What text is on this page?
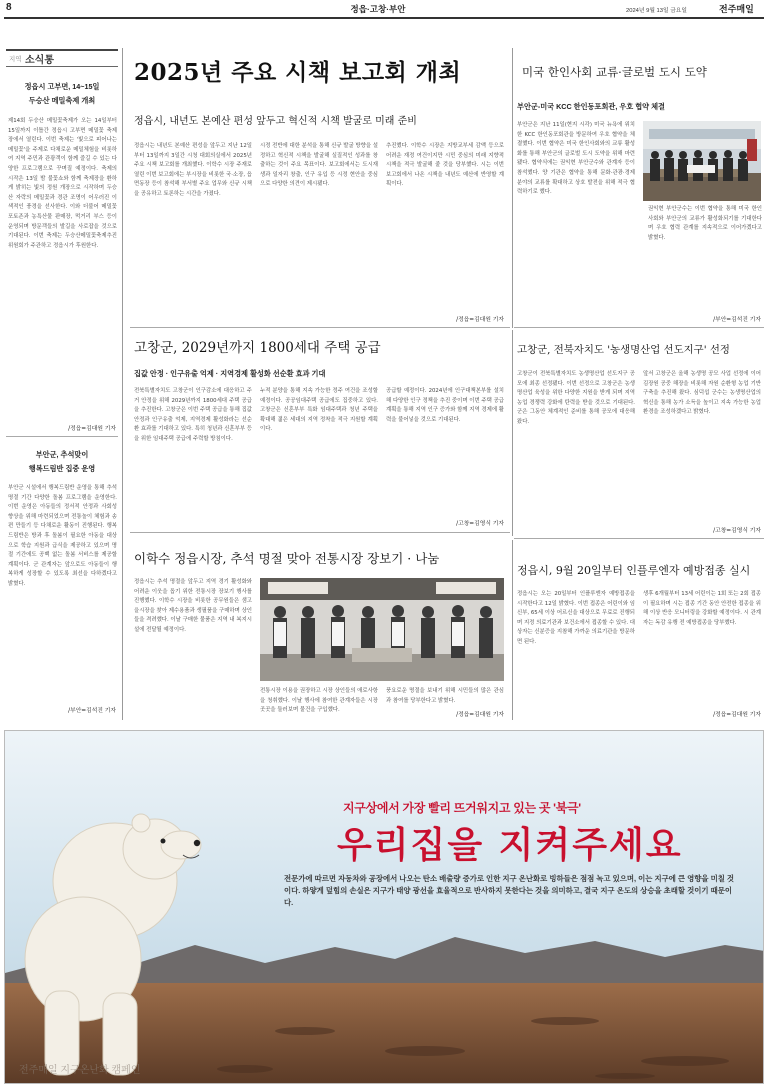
8	정읍·고창·부안	2024년 9월 13일 금요일	전주매일
지역 소식통
정읍시 고부면, 14~15일
두승산 메밀축제 개최
제14회 두승산 메밀꽃축제가 오는 14일부터 15일까지 이틀간 정읍시 고부면 메밀꽃 축제장에서 열린다. 이번 축제는 '빛으로 피어나는 메밀꽃'을 주제로 다채로운 메밀체험을 비롯하여 지역 주민과 관광객이 함께 즐길 수 있는 다양한 프로그램으로 꾸며질 예정이다. 축제의 시작은 13일 밤 불꽃쇼와 함께 축제장을 환하게 밝히는 빛의 정원 개장으로 시작하며 두승산 자락의 메밀꽃과 경관 조명이 어우러진 이색적인 풍경을 선사한다. 이와 더불어 메밀꽃 포토존과 농특산물 판매장, 먹거리 부스 등이 운영되며 방문객들의 발길을 사로잡을 것으로 기대된다. 이번 축제는 두승산메밀꽃축제추진위원회가 주관하고 정읍시가 후원한다.
/정읍=김대원 기자
부안군, 추석맞이
행복드림반 집중 운영
부안군 시설에서 행복드림반 운영을 통해 추석 명절 기간 다양한 돌봄 프로그램을 운영한다. 이번 운영은 아동들의 정서적 안정과 사회성 향상을 위해 마련되었으며 전통놀이 체험과 송편 만들기 등 다채로운 활동이 진행된다. 행복드림반은 방과 후 돌봄이 필요한 아동을 대상으로 학습 지원과 급식을 제공하고 있으며 명절 기간에도 공백 없는 돌봄 서비스를 제공할 계획이다. 군 관계자는 앞으로도 아동들이 행복하게 성장할 수 있도록 최선을 다하겠다고 밝혔다.
/부안=김석진 기자
2025년 주요 시책 보고회 개최
정읍시, 내년도 본예산 편성 앞두고 혁신적 시책 발굴로 미래 준비
정읍시는 내년도 본예산 편성을 앞두고 지난 12일부터 13일까지 3일간 시청 대회의실에서 2025년 주요 시책 보고회를 개최했다. 이학수 시장 주재로 열린 이번 보고회에는 부시장을 비롯한 국·소장, 읍면동장 등이 참석해 부서별 주요 업무와 신규 시책을 공유하고 토론하는 시간을 가졌다.
시정 전반에 대한 분석을 통해 신규 발굴 방향을 설정하고 혁신적 시책을 발굴해 실질적인 성과를 창출하는 것이 주요 목표이다. 보고회에서는 도시재생과 일자리 창출, 인구 유입 등 시정 현안을 중심으로 다양한 의견이 제시됐다.
추진했다. 이학수 시장은 지방교부세 감액 등으로 어려운 재정 여건이지만 시민 중심의 미래 지향적 시책을 적극 발굴해 줄 것을 당부했다. 시는 이번 보고회에서 나온 시책을 내년도 예산에 반영할 계획이다.
/정읍=김대원 기자
미국 한인사회 교류·글로벌 도시 도약
부안군-미국 KCC 한인동포회관, 우호 협약 체결
부안군은 지난 11일(현지 시각) 미국 뉴욕에 위치한 KCC 한인동포회관을 방문하여 우호 협약을 체결했다. 이번 협약은 미국 한인사회와의 교류 활성화를 통해 부안군의 글로벌 도시 도약을 위해 마련됐다. 협약식에는 권익현 부안군수와 관계자 등이 참석했다. 양 기관은 협약을 통해 문화·관광·경제 분야의 교류를 확대하고 상호 발전을 위해 적극 협력하기로 했다.
권익현 부안군수는 이번 협약을 통해 미국 한인사회와 부안군의 교류가 활성화되기를 기대한다며 우호 협력 관계를 지속적으로 이어가겠다고 밝혔다.
/부안=김석진 기자
고창군, 2029년까지 1800세대 주택 공급
집값 안정 · 인구유출 억제 · 지역경제 활성화 선순환 효과 기대
전북특별자치도 고창군이 인구감소에 대응하고 주거 안정을 위해 2029년까지 1800세대 주택 공급을 추진한다. 고창군은 이번 주택 공급을 통해 집값 안정과 인구유출 억제, 지역경제 활성화라는 선순환 효과를 기대하고 있다. 특히 청년과 신혼부부 등을 위한 임대주택 공급에 주력할 방침이다.
누적 분양을 통해 지속 가능한 정주 여건을 조성할 예정이다. 공공임대주택 공급에도 집중하고 있다. 고창군은 신혼부부 특화 임대주택과 청년 주택을 확대해 젊은 세대의 지역 정착을 적극 지원할 계획이다.
공급할 예정이다. 2024년에 인구대책본부를 설치해 다양한 인구 정책을 추진 중이며 이번 주택 공급 계획을 통해 지역 인구 증가와 함께 지역 경제에 활력을 불어넣을 것으로 기대된다.
/고창=김영식 기자
고창군, 전북자치도 '농생명산업 선도지구' 선정
고창군이 전북특별자치도 농생명산업 선도지구 공모에 최종 선정됐다. 이번 선정으로 고창군은 농생명산업 육성을 위한 다양한 지원을 받게 되며 지역 농업 경쟁력 강화에 탄력을 받을 것으로 기대된다. 군은 그동안 체계적인 준비를 통해 공모에 대응해 왔다.
앞서 고창군은 올해 농생명 공모 사업 선정에 이어 김장원 공중 해장을 비롯해 자원 순환형 농업 기반 구축을 추진해 왔다. 심덕섭 군수는 농생명산업의 혁신을 통해 농가 소득을 높이고 지속 가능한 농업 환경을 조성하겠다고 밝혔다.
/고창=김영식 기자
이학수 정읍시장, 추석 명절 맞아 전통시장 장보기 · 나눔
정읍시는 추석 명절을 앞두고 지역 경기 활성화와 어려운 이웃을 돕기 위한 전통시장 장보기 행사를 진행했다. 이학수 시장을 비롯한 공무원들은 샘고을시장을 찾아 제수용품과 생필품을 구매하며 상인들을 격려했다. 이날 구매한 물품은 지역 내 복지시설에 전달될 예정이다.
전통시장 이용을 권장하고 시장 상인들의 애로사항을 청취했다. 이날 행사에 참여한 관계자들은 시장 곳곳을 둘러보며 물건을 구입했다.
풍요로운 명절을 보내기 위해 시민들의 많은 관심과 참여를 당부한다고 밝혔다.
/정읍=김대원 기자
정읍시, 9월 20일부터 인플루엔자 예방접종 실시
정읍시는 오는 20일부터 인플루엔자 예방접종을 시작한다고 12일 밝혔다. 이번 접종은 어린이와 임신부, 65세 이상 어르신을 대상으로 무료로 진행되며 지정 의료기관과 보건소에서 접종할 수 있다. 대상자는 신분증을 지참해 가까운 의료기관을 방문하면 된다.
생후 6개월부터 13세 어린이는 1회 또는 2회 접종이 필요하며 시는 접종 기간 동안 안전한 접종을 위해 이상 반응 모니터링을 강화할 예정이다. 시 관계자는 독감 유행 전 예방접종을 당부했다.
/정읍=김대원 기자
지구상에서 가장 빨리 뜨거워지고 있는 곳 '북극'
우리집을 지켜주세요
전문가에 따르면 자동차와 공장에서 나오는 탄소 배출량 증가로 인한 지구 온난화로 빙하들은 점점 녹고 있으며, 이는 지구에 큰 영향을 미칠 것이다. 하얗게 덮힘의 손실은 지구가 태양 광선을 효율적으로 반사하지 못한다는 것을 의미하고, 결국 지구 온도의 상승을 초래할 것이기 때문이다.
전주매일 지구온난화 캠페인
